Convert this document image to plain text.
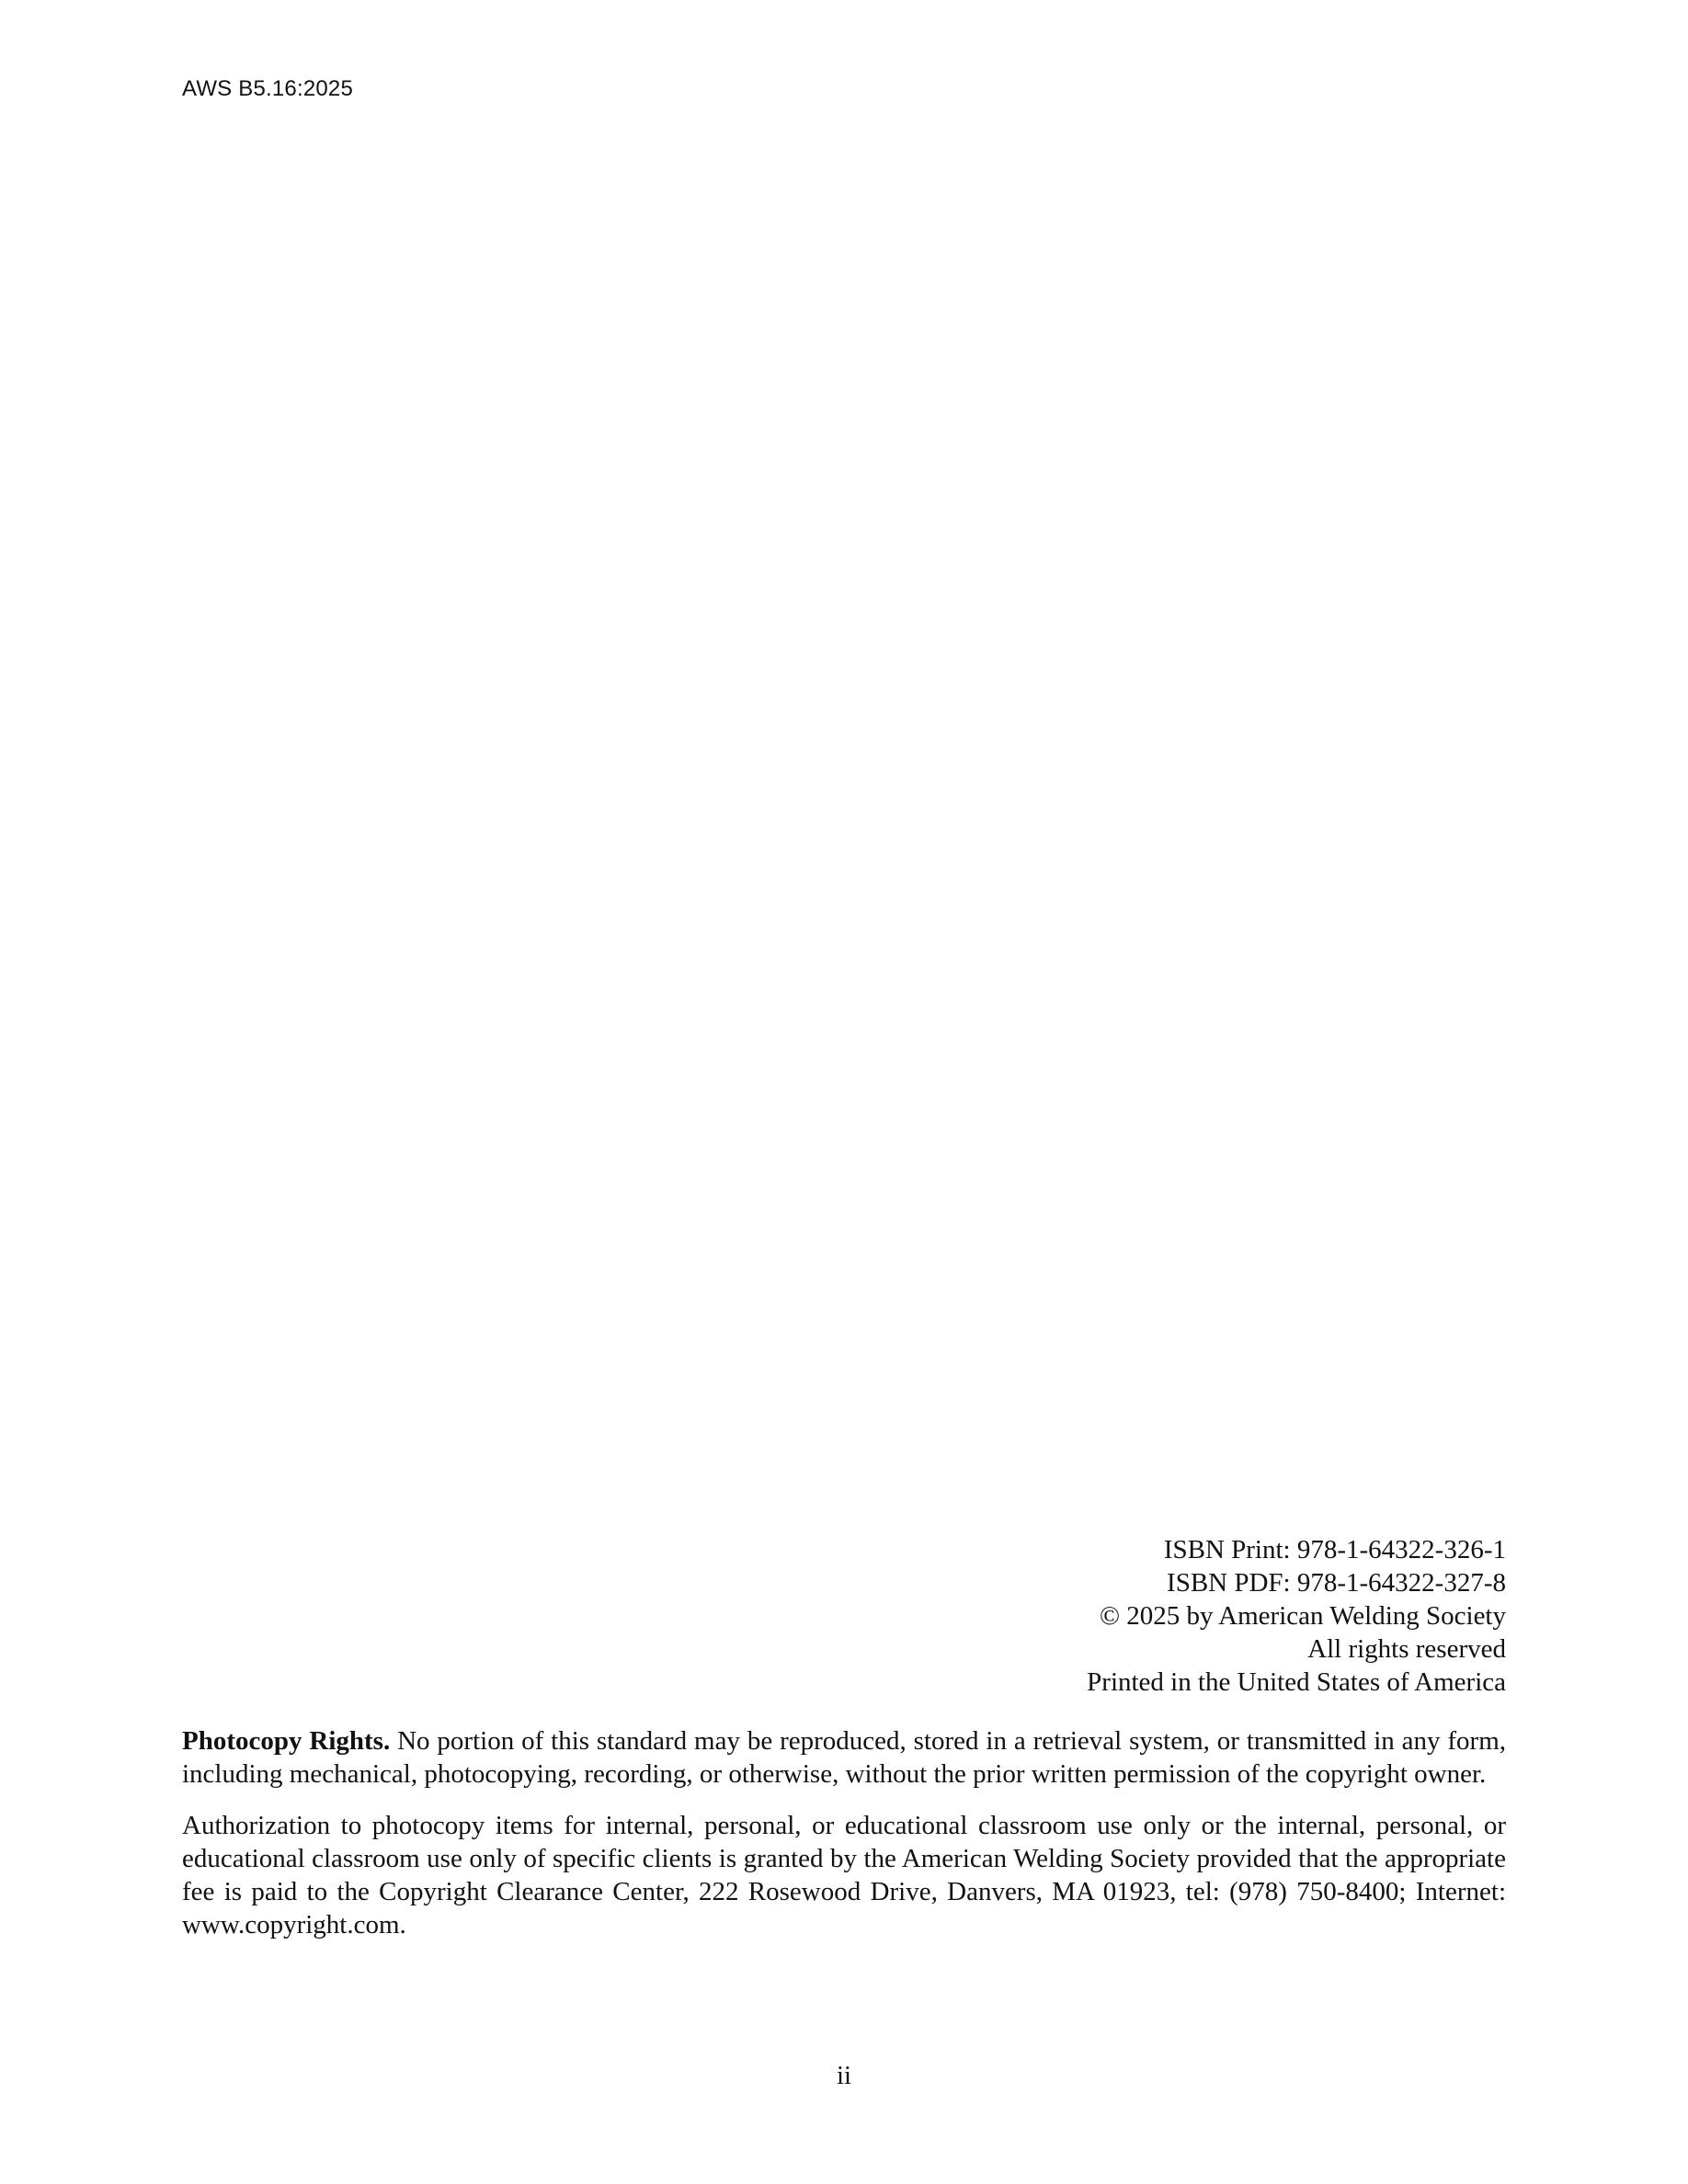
AWS B5.16:2025
ISBN Print: 978-1-64322-326-1
ISBN PDF: 978-1-64322-327-8
© 2025 by American Welding Society
All rights reserved
Printed in the United States of America

Photocopy Rights. No portion of this standard may be reproduced, stored in a retrieval system, or transmitted in any form, including mechanical, photocopying, recording, or otherwise, without the prior written permission of the copyright owner.

Authorization to photocopy items for internal, personal, or educational classroom use only or the internal, personal, or educational classroom use only of specific clients is granted by the American Welding Society provided that the appropriate fee is paid to the Copyright Clearance Center, 222 Rosewood Drive, Danvers, MA 01923, tel: (978) 750-8400; Internet: www.copyright.com.

ii
